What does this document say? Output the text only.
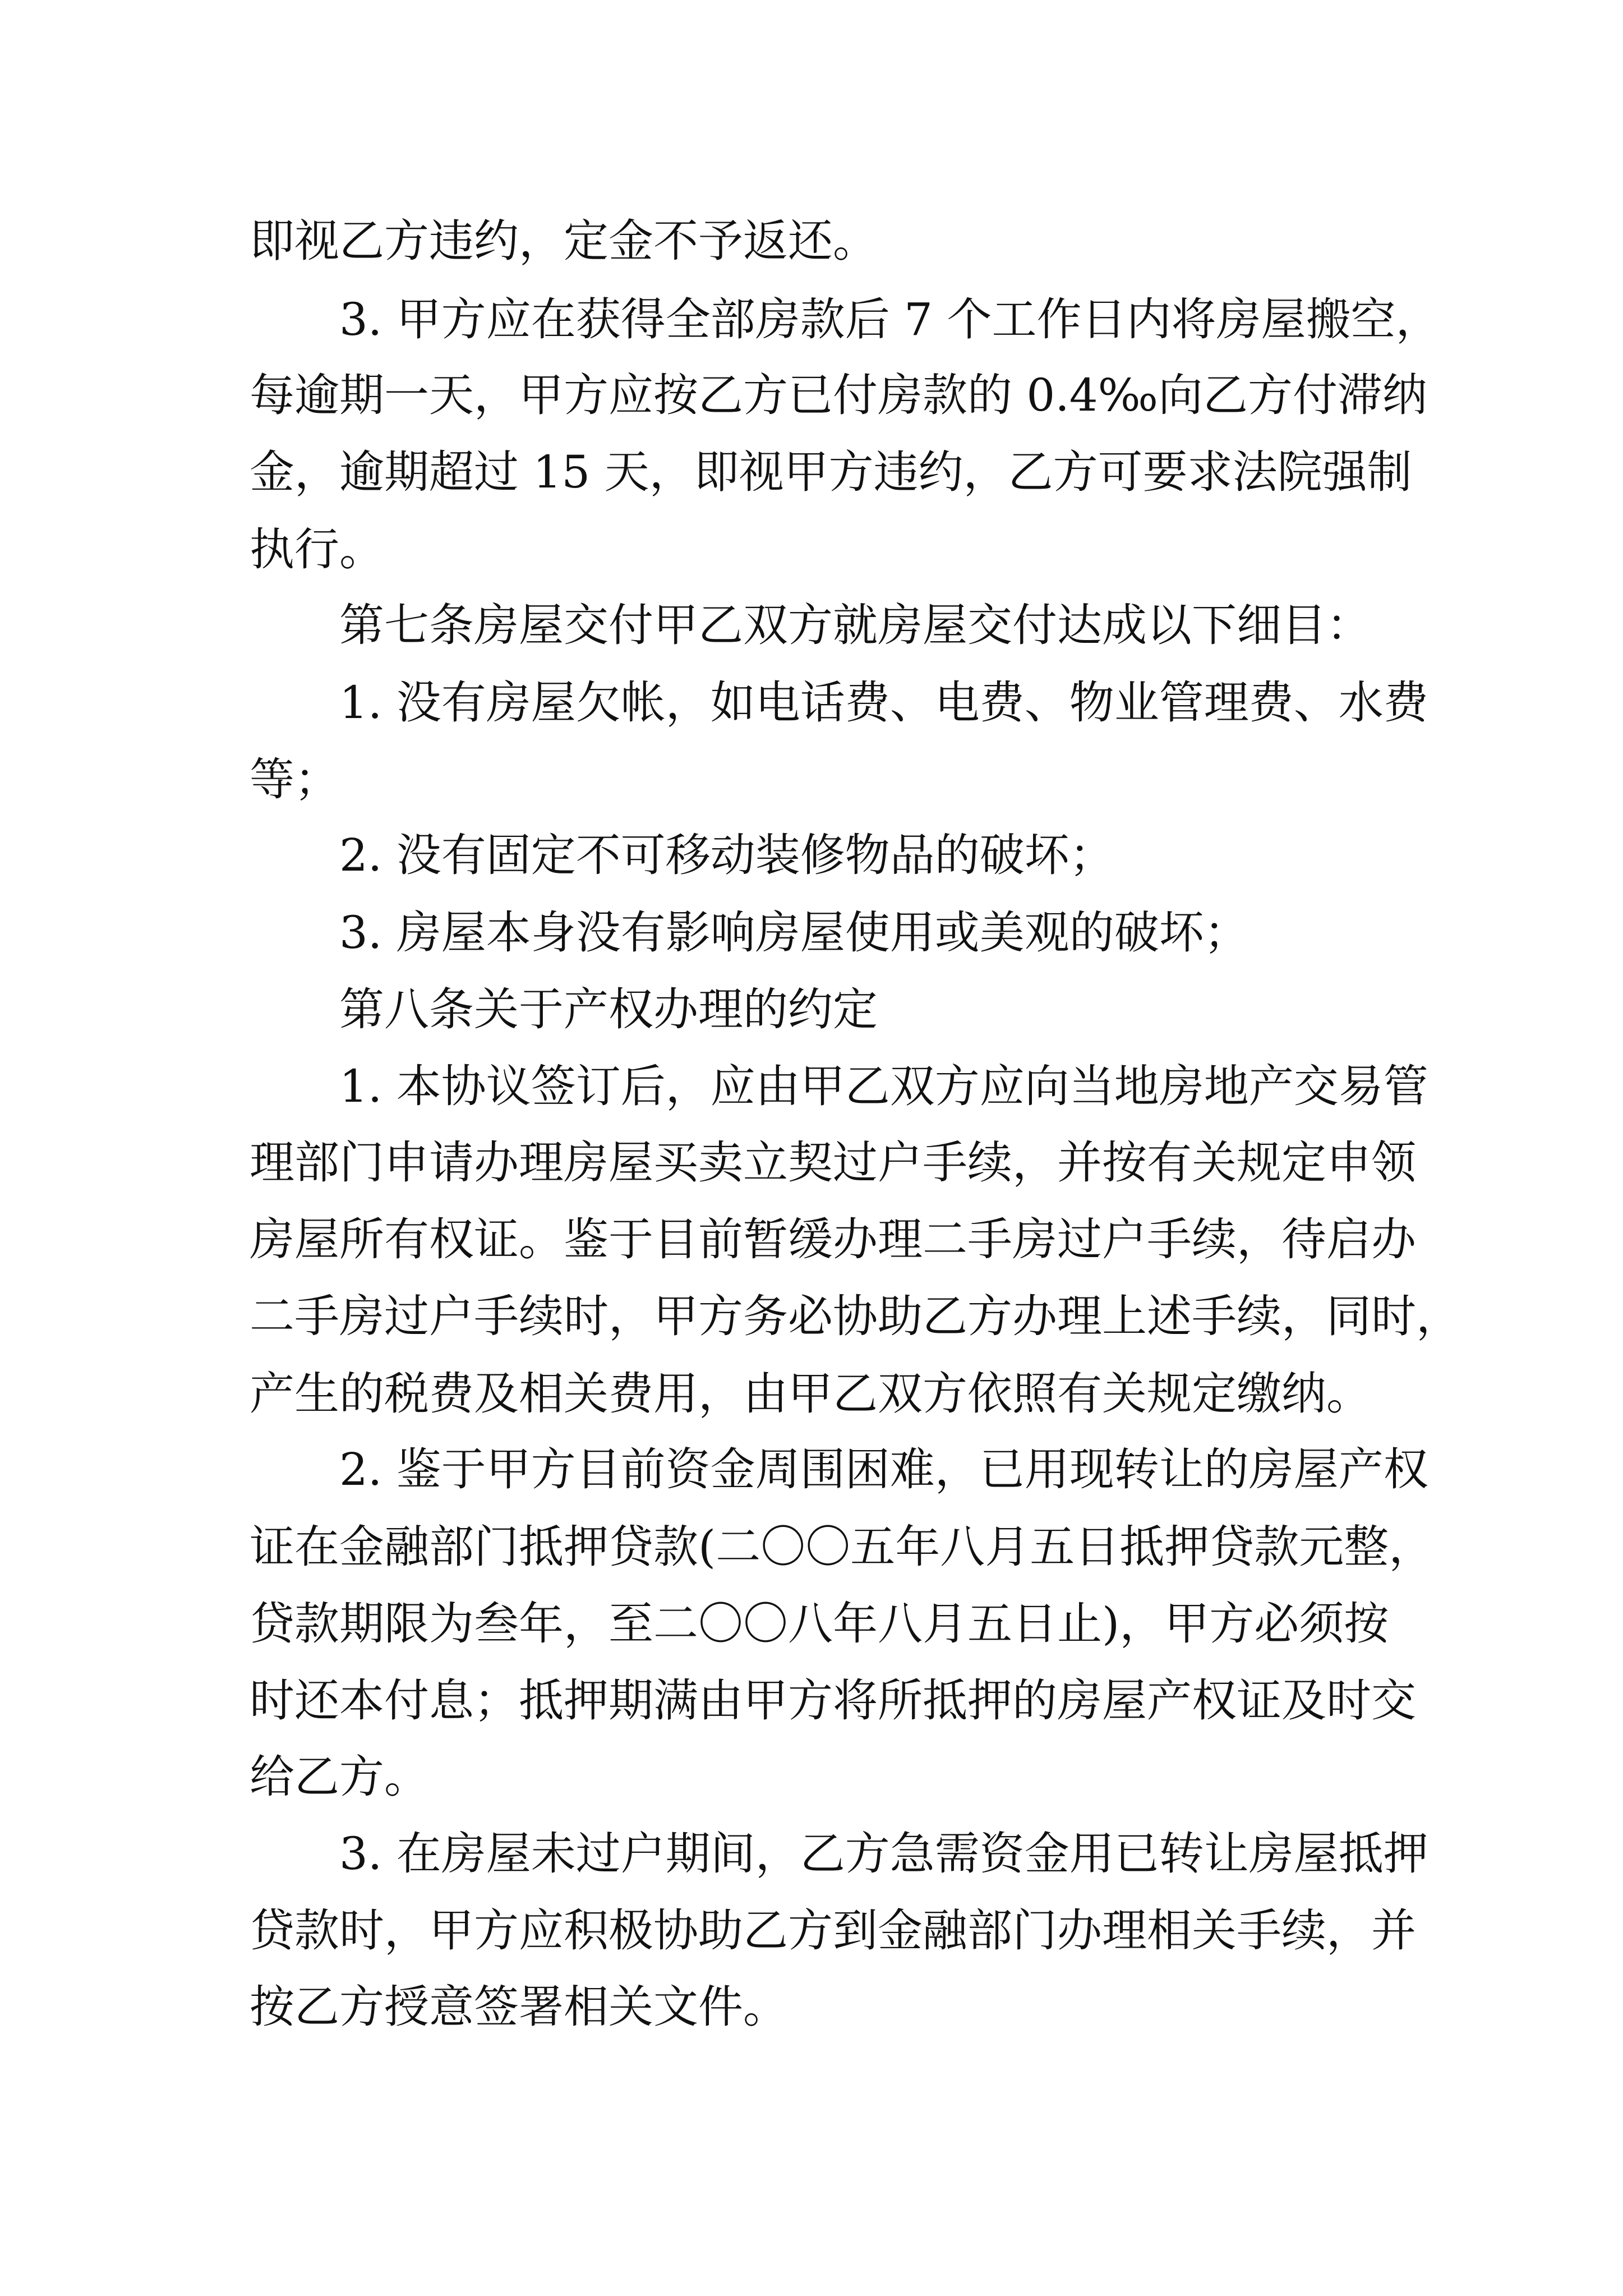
即视乙方违约，定金不予返还。
3. 甲方应在获得全部房款后 7 个工作日内将房屋搬空，
每逾期一天，甲方应按乙方已付房款的 0.4‰向乙方付滞纳
金，逾期超过 15 天，即视甲方违约，乙方可要求法院强制
执行。
第七条房屋交付甲乙双方就房屋交付达成以下细目：
1. 没有房屋欠帐，如电话费、电费、物业管理费、水费
等；
2. 没有固定不可移动装修物品的破坏；
3. 房屋本身没有影响房屋使用或美观的破坏；
第八条关于产权办理的约定
1. 本协议签订后，应由甲乙双方应向当地房地产交易管
理部门申请办理房屋买卖立契过户手续，并按有关规定申领
房屋所有权证。鉴于目前暂缓办理二手房过户手续，待启办
二手房过户手续时，甲方务必协助乙方办理上述手续，同时，
产生的税费及相关费用，由甲乙双方依照有关规定缴纳。
2. 鉴于甲方目前资金周围困难，已用现转让的房屋产权
证在金融部门抵押贷款(二〇〇五年八月五日抵押贷款元整，
贷款期限为叁年，至二〇〇八年八月五日止)，甲方必须按
时还本付息；抵押期满由甲方将所抵押的房屋产权证及时交
给乙方。
3. 在房屋未过户期间，乙方急需资金用已转让房屋抵押
贷款时，甲方应积极协助乙方到金融部门办理相关手续，并
按乙方授意签署相关文件。
